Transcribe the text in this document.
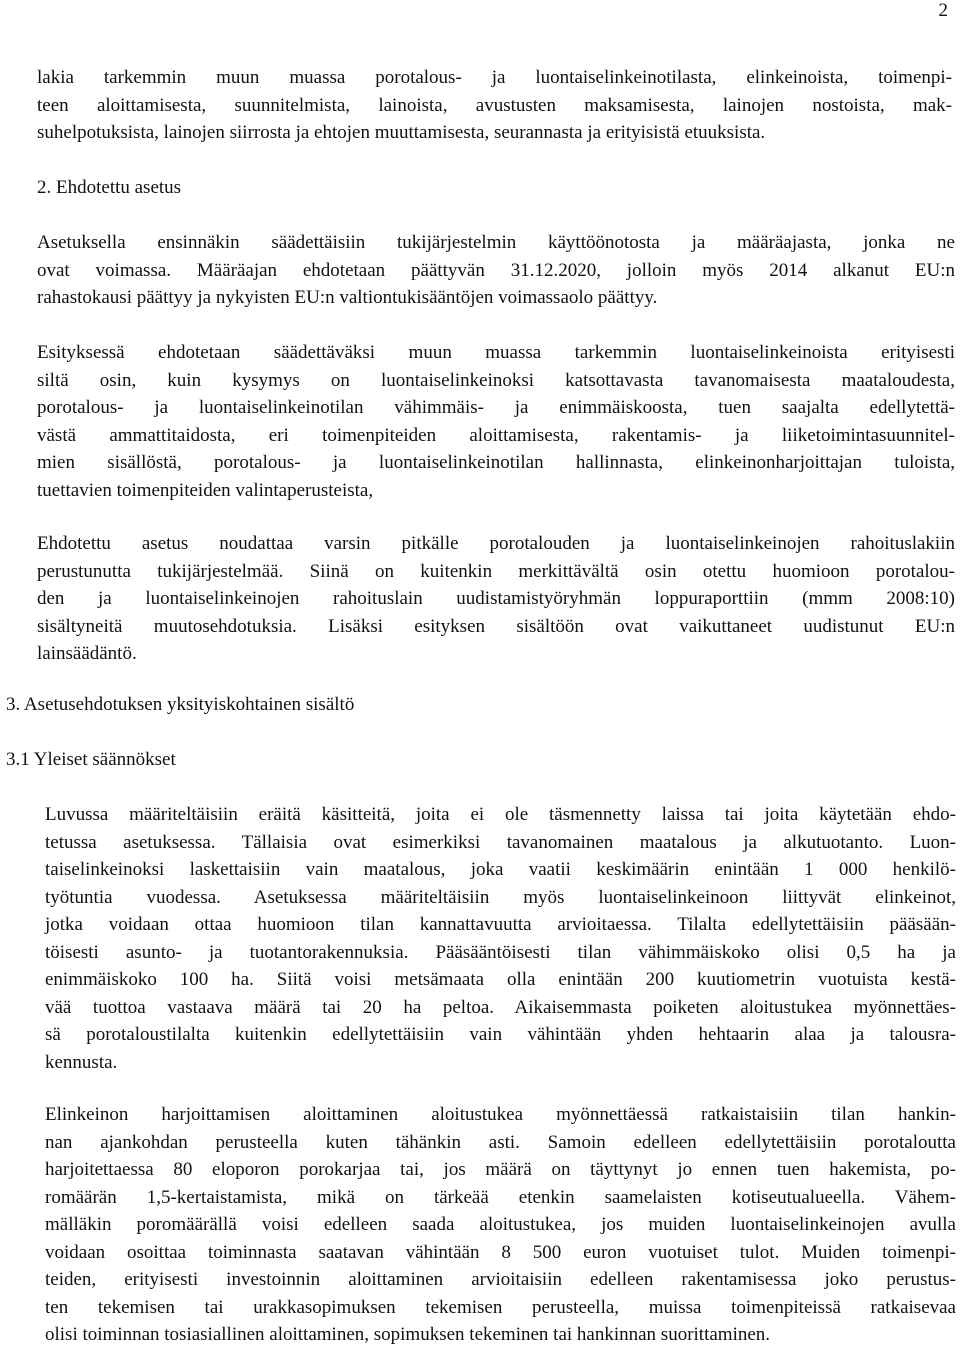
2
lakia tarkemmin muun muassa porotalous- ja luontaiselinkeinotilasta, elinkeinoista, toimenpi-
teen aloittamisesta, suunnitelmista, lainoista, avustusten maksamisesta, lainojen nostoista, mak-
suhelpotuksista, lainojen siirrosta ja ehtojen muuttamisesta, seurannasta ja erityisistä etuuksista.
2. Ehdotettu asetus
Asetuksella ensinnäkin säädettäisiin tukijärjestelmin käyttöönotosta ja määräajasta, jonka ne
ovat voimassa. Määräajan ehdotetaan päättyvän 31.12.2020, jolloin myös 2014 alkanut EU:n
rahastokausi päättyy ja nykyisten EU:n valtiontukisääntöjen voimassaolo päättyy.
Esityksessä ehdotetaan säädettäväksi muun muassa tarkemmin luontaiselinkeinoista erityisesti
siltä osin, kuin kysymys on luontaiselinkeinoksi katsottavasta tavanomaisesta maataloudesta,
porotalous- ja luontaiselinkeinotilan vähimmäis- ja enimmäiskoosta, tuen saajalta edellytettä-
västä ammattitaidosta, eri toimenpiteiden aloittamisesta, rakentamis- ja liiketoimintasuunnitel-
mien sisällöstä, porotalous- ja luontaiselinkeinotilan hallinnasta, elinkeinonharjoittajan tuloista,
tuettavien toimenpiteiden valintaperusteista,
Ehdotettu asetus noudattaa varsin pitkälle porotalouden ja luontaiselinkeinojen rahoituslakiin
perustunutta tukijärjestelmää. Siinä on kuitenkin merkittävältä osin otettu huomioon porotalou-
den ja luontaiselinkeinojen rahoituslain uudistamistyöryhmän loppuraporttiin (mmm 2008:10)
sisältyneitä muutosehdotuksia. Lisäksi esityksen sisältöön ovat vaikuttaneet uudistunut EU:n
lainsäädäntö.
3. Asetusehdotuksen yksityiskohtainen sisältö
3.1 Yleiset säännökset
Luvussa määriteltäisiin eräitä käsitteitä, joita ei ole täsmennetty laissa tai joita käytetään ehdo-
tetussa asetuksessa. Tällaisia ovat esimerkiksi tavanomainen maatalous ja alkutuotanto. Luon-
taiselinkeinoksi laskettaisiin vain maatalous, joka vaatii keskimäärin enintään 1 000 henkilö-
työtuntia vuodessa. Asetuksessa määriteltäisiin myös luontaiselinkeinoon liittyvät elinkeinot,
jotka voidaan ottaa huomioon tilan kannattavuutta arvioitaessa. Tilalta edellytettäisiin pääsään-
töisesti asunto- ja tuotantorakennuksia. Pääsääntöisesti tilan vähimmäiskoko olisi 0,5 ha ja
enimmäiskoko 100 ha. Siitä voisi metsämaata olla enintään 200 kuutiometrin vuotuista kestä-
vää tuottoa vastaava määrä tai 20 ha peltoa. Aikaisemmasta poiketen aloitustukea myönnettäes-
sä porotaloustilalta kuitenkin edellytettäisiin vain vähintään yhden hehtaarin alaa ja talousra-
kennusta.
Elinkeinon harjoittamisen aloittaminen aloitustukea myönnettäessä ratkaistaisiin tilan hankin-
nan ajankohdan perusteella kuten tähänkin asti. Samoin edelleen edellytettäisiin porotaloutta
harjoitettaessa 80 eloporon porokarjaa tai, jos määrä on täyttynyt jo ennen tuen hakemista, po-
romäärän 1,5-kertaistamista, mikä on tärkeää etenkin saamelaisten kotiseutualueella. Vähem-
mälläkin poromäärällä voisi edelleen saada aloitustukea, jos muiden luontaiselinkeinojen avulla
voidaan osoittaa toiminnasta saatavan vähintään 8 500 euron vuotuiset tulot. Muiden toimenpi-
teiden, erityisesti investoinnin aloittaminen arvioitaisiin edelleen rakentamisessa joko perustus-
ten tekemisen tai urakkasopimuksen tekemisen perusteella, muissa toimenpiteissä ratkaisevaa
olisi toiminnan tosiasiallinen aloittaminen, sopimuksen tekeminen tai hankinnan suorittaminen.
